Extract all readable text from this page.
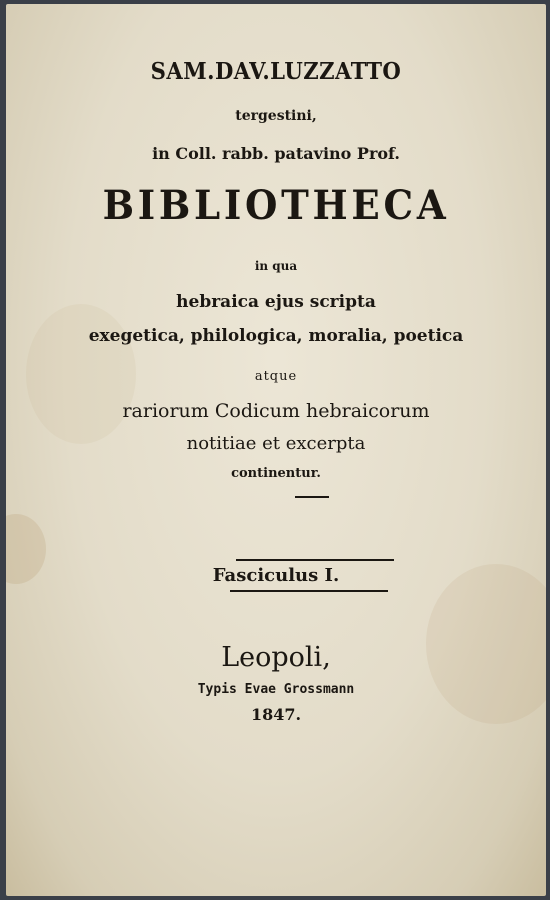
SAM.DAV.LUZZATTO
tergestini,
in Coll. rabb. patavino Prof.
BIBLIOTHECA
in qua
hebraica ejus scripta
exegetica, philologica, moralia, poetica
atque
rariorum Codicum hebraicorum
notitiae et excerpta
continentur.
Fasciculus I.
Leopoli,
Typis Evae Grossmann
1847.
